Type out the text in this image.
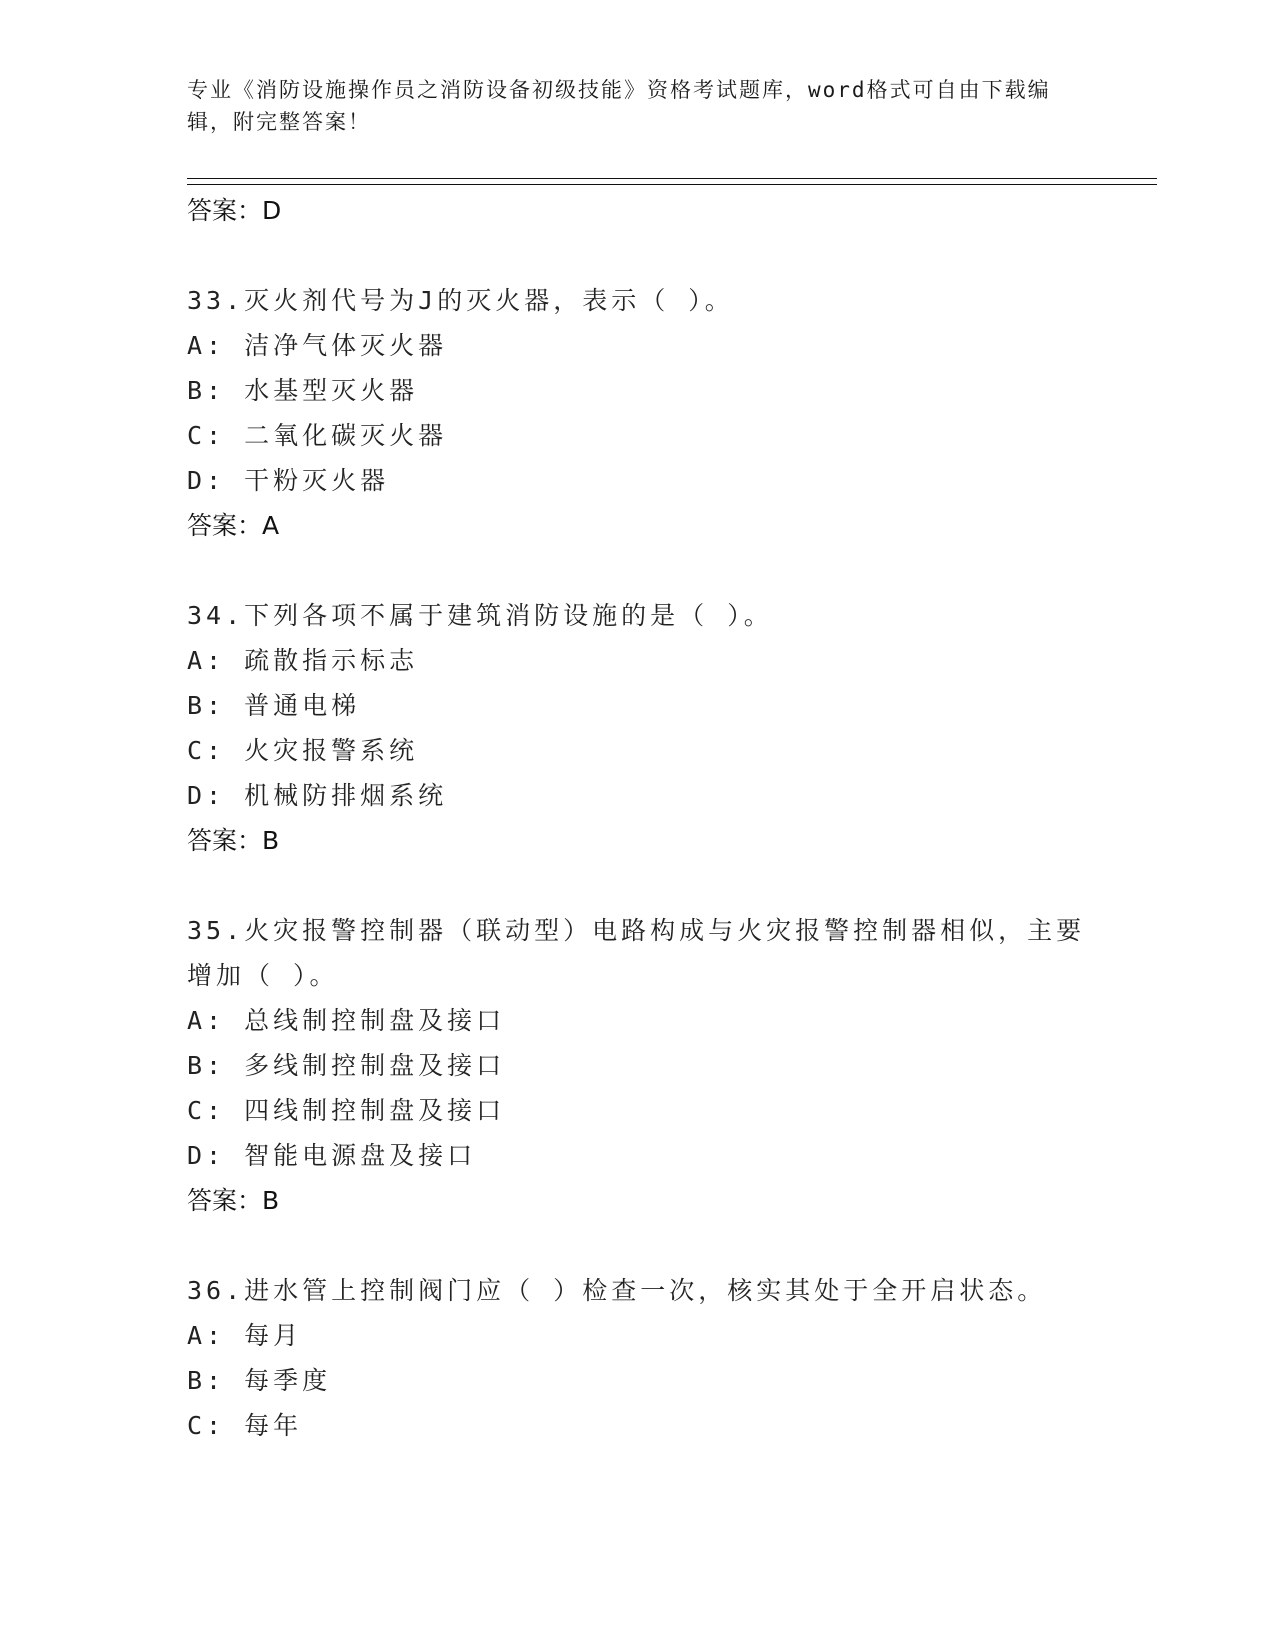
专业《消防设施操作员之消防设备初级技能》资格考试题库，word格式可自由下载编辑，附完整答案！
答案：D
33.灭火剂代号为J的灭火器，表示（ ）。
A: 洁净气体灭火器
B: 水基型灭火器
C: 二氧化碳灭火器
D: 干粉灭火器
答案：A
34.下列各项不属于建筑消防设施的是（ ）。
A: 疏散指示标志
B: 普通电梯
C: 火灾报警系统
D: 机械防排烟系统
答案：B
35.火灾报警控制器（联动型）电路构成与火灾报警控制器相似，主要增加（ ）。
A: 总线制控制盘及接口
B: 多线制控制盘及接口
C: 四线制控制盘及接口
D: 智能电源盘及接口
答案：B
36.进水管上控制阀门应（ ）检查一次，核实其处于全开启状态。
A: 每月
B: 每季度
C: 每年
